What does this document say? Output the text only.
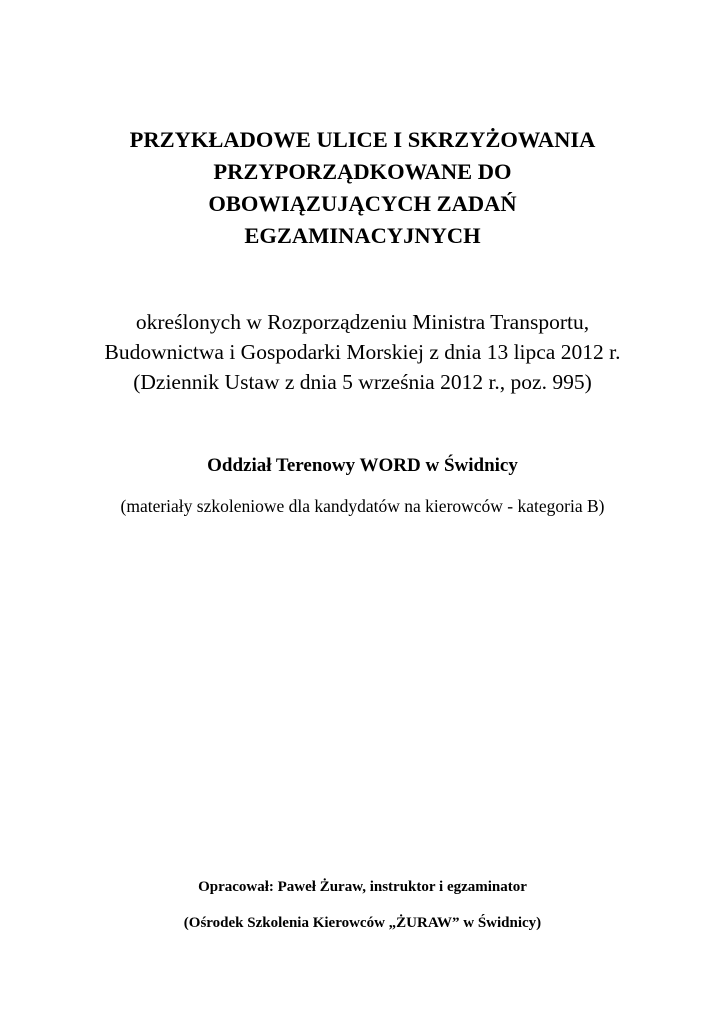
PRZYKŁADOWE ULICE I SKRZYŻOWANIA
PRZYPORZĄDKOWANE DO
OBOWIĄZUJĄCYCH ZADAŃ
EGZAMINACYJNYCH
określonych w Rozporządzeniu Ministra Transportu,
Budownictwa i Gospodarki Morskiej z dnia 13 lipca 2012 r.
(Dziennik Ustaw z dnia 5 września 2012 r., poz. 995)
Oddział Terenowy WORD w Świdnicy
(materiały szkoleniowe dla kandydatów na kierowców - kategoria B)
Opracował: Paweł Żuraw, instruktor i egzaminator
(Ośrodek Szkolenia Kierowców „ŻURAW” w Świdnicy)
